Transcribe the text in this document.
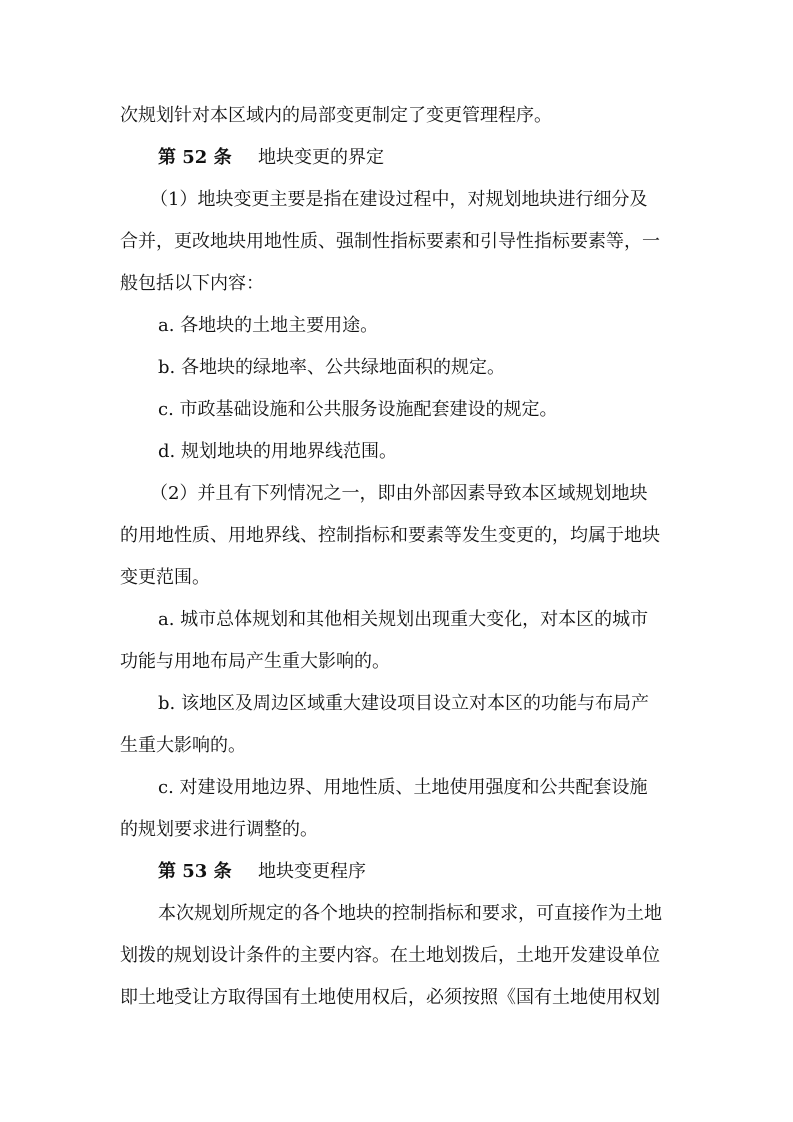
次规划针对本区域内的局部变更制定了变更管理程序。
第 52 条 地块变更的界定
（1）地块变更主要是指在建设过程中，对规划地块进行细分及
合并，更改地块用地性质、强制性指标要素和引导性指标要素等，一
般包括以下内容：
a. 各地块的土地主要用途。
b. 各地块的绿地率、公共绿地面积的规定。
c. 市政基础设施和公共服务设施配套建设的规定。
d. 规划地块的用地界线范围。
（2）并且有下列情况之一，即由外部因素导致本区域规划地块
的用地性质、用地界线、控制指标和要素等发生变更的，均属于地块
变更范围。
a. 城市总体规划和其他相关规划出现重大变化，对本区的城市
功能与用地布局产生重大影响的。
b. 该地区及周边区域重大建设项目设立对本区的功能与布局产
生重大影响的。
c. 对建设用地边界、用地性质、土地使用强度和公共配套设施
的规划要求进行调整的。
第 53 条 地块变更程序
本次规划所规定的各个地块的控制指标和要求，可直接作为土地
划拨的规划设计条件的主要内容。在土地划拨后，土地开发建设单位
即土地受让方取得国有土地使用权后，必须按照《国有土地使用权划
